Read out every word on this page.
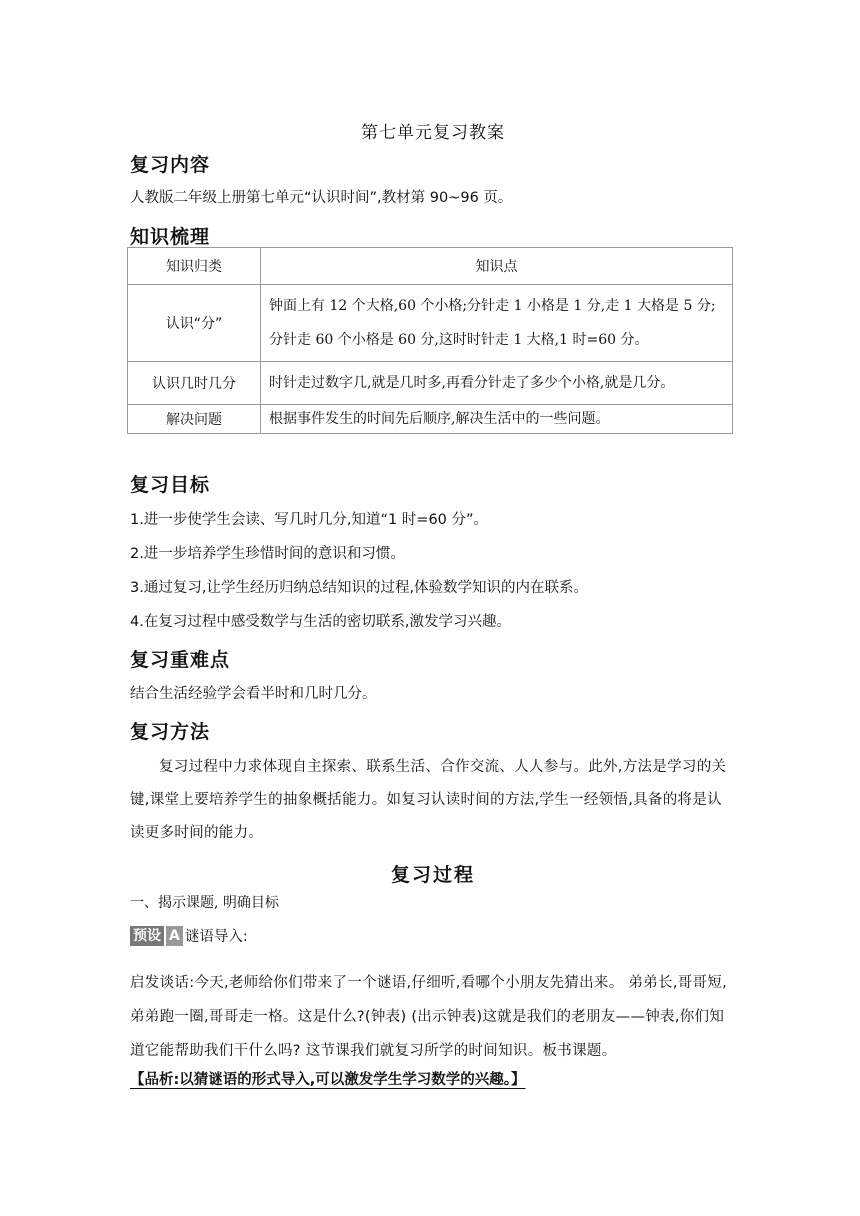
第七单元复习教案
复习内容
人教版二年级上册第七单元“认识时间”,教材第 90~96 页。
知识梳理
知识归类	知识点
认识“分”	钟面上有 12 个大格,60 个小格;分针走 1 小格是 1 分,走 1 大格是 5 分;分针走 60 个小格是 60 分,这时时针走 1 大格,1 时=60 分。
认识几时几分	时针走过数字几,就是几时多,再看分针走了多少个小格,就是几分。
解决问题	根据事件发生的时间先后顺序,解决生活中的一些问题。
复习目标
1.进一步使学生会读、写几时几分,知道“1 时=60 分”。
2.进一步培养学生珍惜时间的意识和习惯。
3.通过复习,让学生经历归纳总结知识的过程,体验数学知识的内在联系。
4.在复习过程中感受数学与生活的密切联系,激发学习兴趣。
复习重难点
结合生活经验学会看半时和几时几分。
复习方法
复习过程中力求体现自主探索、联系生活、合作交流、人人参与。此外,方法是学习的关键,课堂上要培养学生的抽象概括能力。如复习认读时间的方法,学生一经领悟,具备的将是认读更多时间的能力。
复习过程
一、揭示课题, 明确目标
预设 A 谜语导入:
启发谈话:今天,老师给你们带来了一个谜语,仔细听,看哪个小朋友先猜出来。 弟弟长,哥哥短,弟弟跑一圈,哥哥走一格。这是什么?(钟表) (出示钟表)这就是我们的老朋友——钟表,你们知道它能帮助我们干什么吗? 这节课我们就复习所学的时间知识。板书课题。
【品析:以猜谜语的形式导入,可以激发学生学习数学的兴趣。】
